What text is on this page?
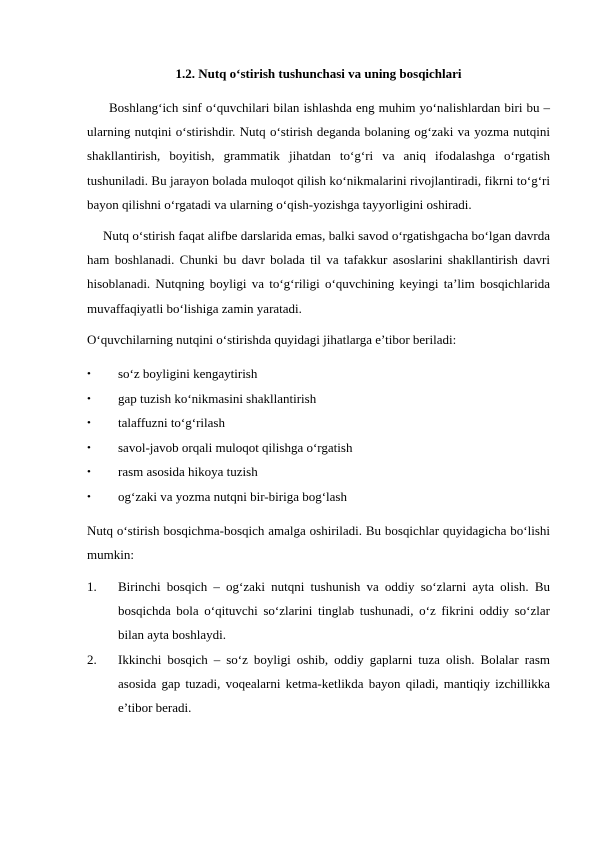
1.2. Nutq o‘stirish tushunchasi va uning bosqichlari

Boshlang‘ich sinf o‘quvchilari bilan ishlashda eng muhim yo‘nalishlardan biri bu – ularning nutqini o‘stirishdir. Nutq o‘stirish deganda bolaning og‘zaki va yozma nutqini shakllantirish, boyitish, grammatik jihatdan to‘g‘ri va aniq ifodalashga o‘rgatish tushuniladi. Bu jarayon bolada muloqot qilish ko‘nikmalarini rivojlantiradi, fikrni to‘g‘ri bayon qilishni o‘rgatadi va ularning o‘qish-yozishga tayyorligini oshiradi.

Nutq o‘stirish faqat alifbe darslarida emas, balki savod o‘rgatishgacha bo‘lgan davrda ham boshlanadi. Chunki bu davr bolada til va tafakkur asoslarini shakllantirish davri hisoblanadi. Nutqning boyligi va to‘g‘riligi o‘quvchining keyingi ta’lim bosqichlarida muvaffaqiyatli bo‘lishiga zamin yaratadi.

O‘quvchilarning nutqini o‘stirishda quyidagi jihatlarga e’tibor beriladi:

• so‘z boyligini kengaytirish
• gap tuzish ko‘nikmasini shakllantirish
• talaffuzni to‘g‘rilash
• savol-javob orqali muloqot qilishga o‘rgatish
• rasm asosida hikoya tuzish
• og‘zaki va yozma nutqni bir-biriga bog‘lash

Nutq o‘stirish bosqichma-bosqich amalga oshiriladi. Bu bosqichlar quyidagicha bo‘lishi mumkin:

1. Birinchi bosqich – og‘zaki nutqni tushunish va oddiy so‘zlarni ayta olish. Bu bosqichda bola o‘qituvchi so‘zlarini tinglab tushunadi, o‘z fikrini oddiy so‘zlar bilan ayta boshlaydi.
2. Ikkinchi bosqich – so‘z boyligi oshib, oddiy gaplarni tuza olish. Bolalar rasm asosida gap tuzadi, voqealarni ketma-ketlikda bayon qiladi, mantiqiy izchillikka e’tibor beradi.
